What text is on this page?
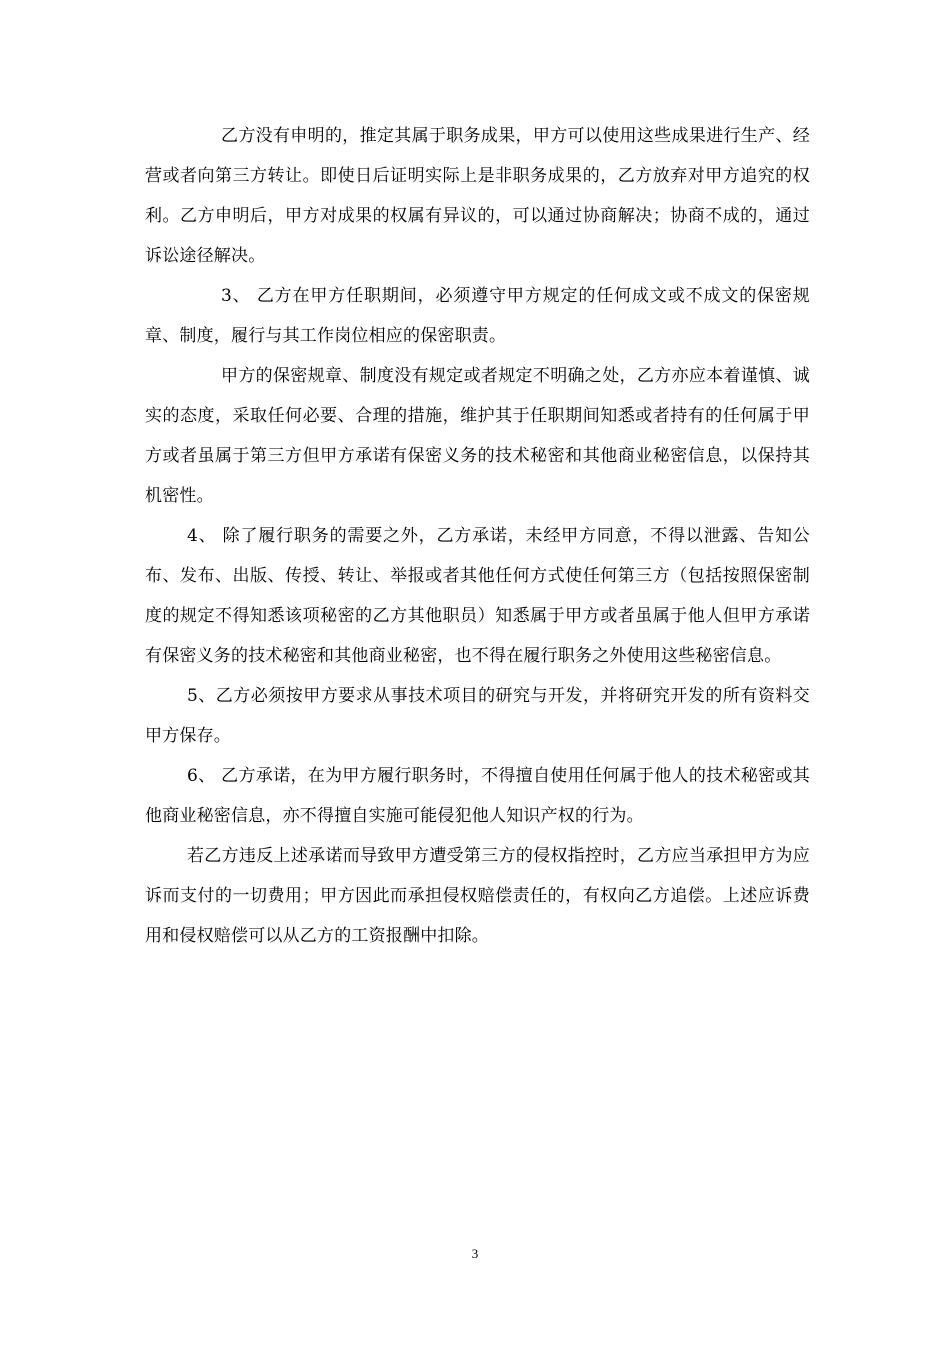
乙方没有申明的，推定其属于职务成果，甲方可以使用这些成果进行生产、经营或者向第三方转让。即使日后证明实际上是非职务成果的，乙方放弃对甲方追究的权利。乙方申明后，甲方对成果的权属有异议的，可以通过协商解决；协商不成的，通过诉讼途径解决。

3、 乙方在甲方任职期间，必须遵守甲方规定的任何成文或不成文的保密规章、制度，履行与其工作岗位相应的保密职责。

甲方的保密规章、制度没有规定或者规定不明确之处，乙方亦应本着谨慎、诚实的态度，采取任何必要、合理的措施，维护其于任职期间知悉或者持有的任何属于甲方或者虽属于第三方但甲方承诺有保密义务的技术秘密和其他商业秘密信息，以保持其机密性。

4、 除了履行职务的需要之外，乙方承诺，未经甲方同意，不得以泄露、告知公布、发布、出版、传授、转让、举报或者其他任何方式使任何第三方（包括按照保密制度的规定不得知悉该项秘密的乙方其他职员）知悉属于甲方或者虽属于他人但甲方承诺有保密义务的技术秘密和其他商业秘密，也不得在履行职务之外使用这些秘密信息。

5、乙方必须按甲方要求从事技术项目的研究与开发，并将研究开发的所有资料交甲方保存。

6、 乙方承诺，在为甲方履行职务时，不得擅自使用任何属于他人的技术秘密或其他商业秘密信息，亦不得擅自实施可能侵犯他人知识产权的行为。

若乙方违反上述承诺而导致甲方遭受第三方的侵权指控时，乙方应当承担甲方为应诉而支付的一切费用；甲方因此而承担侵权赔偿责任的，有权向乙方追偿。上述应诉费用和侵权赔偿可以从乙方的工资报酬中扣除。

3
